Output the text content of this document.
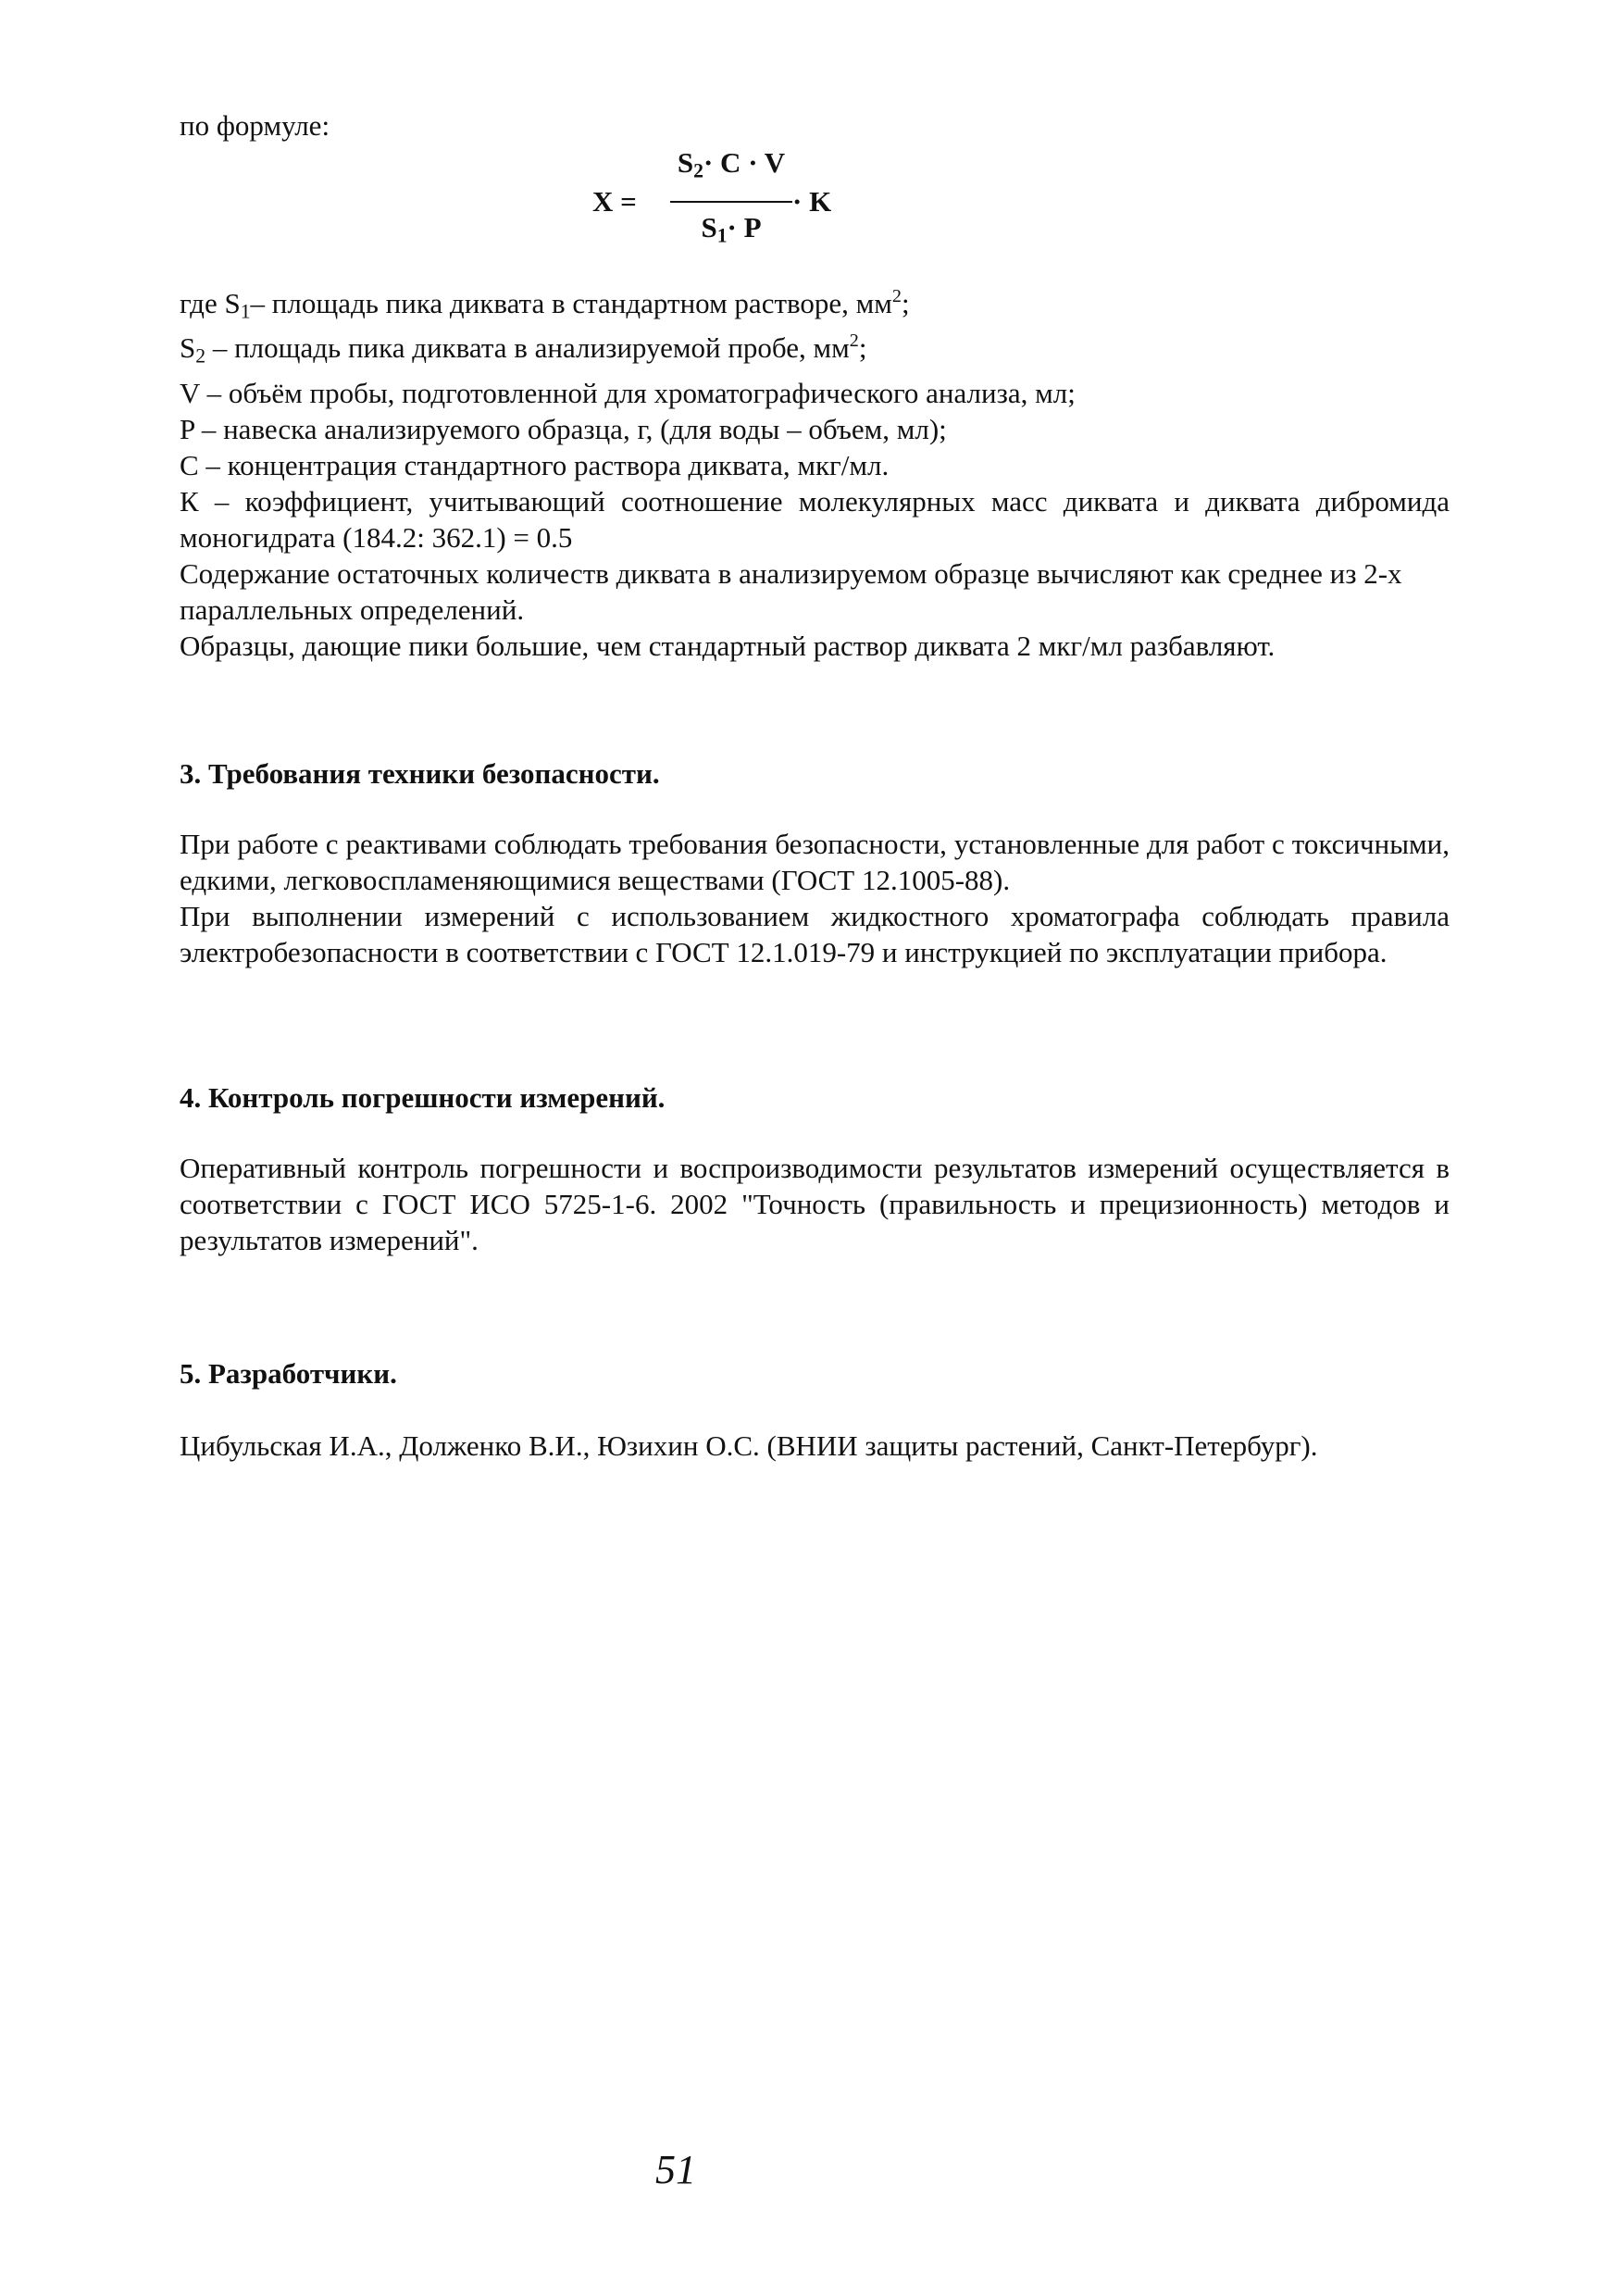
по формуле:
X =
$S_2\cdot C \cdot V$
$S_1\cdot P$
· K

где $S_1-$ площадь пика диквата в стандартном растворе, $мм^2$;

$S_2$ – площадь пика диквата в анализируемой пробе, $мм^2$;

V – объём пробы, подготовленной для хроматографического анализа, мл;

P – навеска анализируемого образца, г, (для воды – объем, мл);

C – концентрация стандартного раствора диквата, мкг/мл.

К – коэффициент, учитывающий соотношение молекулярных масс диквата и диквата дибромида моногидрата (184.2: 362.1) = 0.5

Содержание остаточных количеств диквата в анализируемом образце вычисляют как среднее из 2-х параллельных определений.

Образцы, дающие пики большие, чем стандартный раствор диквата 2 мкг/мл разбавляют.

3. Требования техники безопасности.

При работе с реактивами соблюдать требования безопасности, установленные для работ с токсичными, едкими, легковоспламеняющимися веществами (ГОСТ 12.1005-88).

При выполнении измерений с использованием жидкостного хроматографа соблюдать правила электробезопасности в соответствии с ГОСТ 12.1.019-79 и инструкцией по эксплуатации прибора.

4. Контроль погрешности измерений.

Оперативный контроль погрешности и воспроизводимости результатов измерений осуществляется в соответствии с ГОСТ ИСО 5725-1-6. 2002 "Точность (правильность и прецизионность) методов и результатов измерений".

5. Разработчики.

Цибульская И.А., Долженко В.И., Юзихин О.С. (ВНИИ защиты растений, Санкт-Петербург).

51
